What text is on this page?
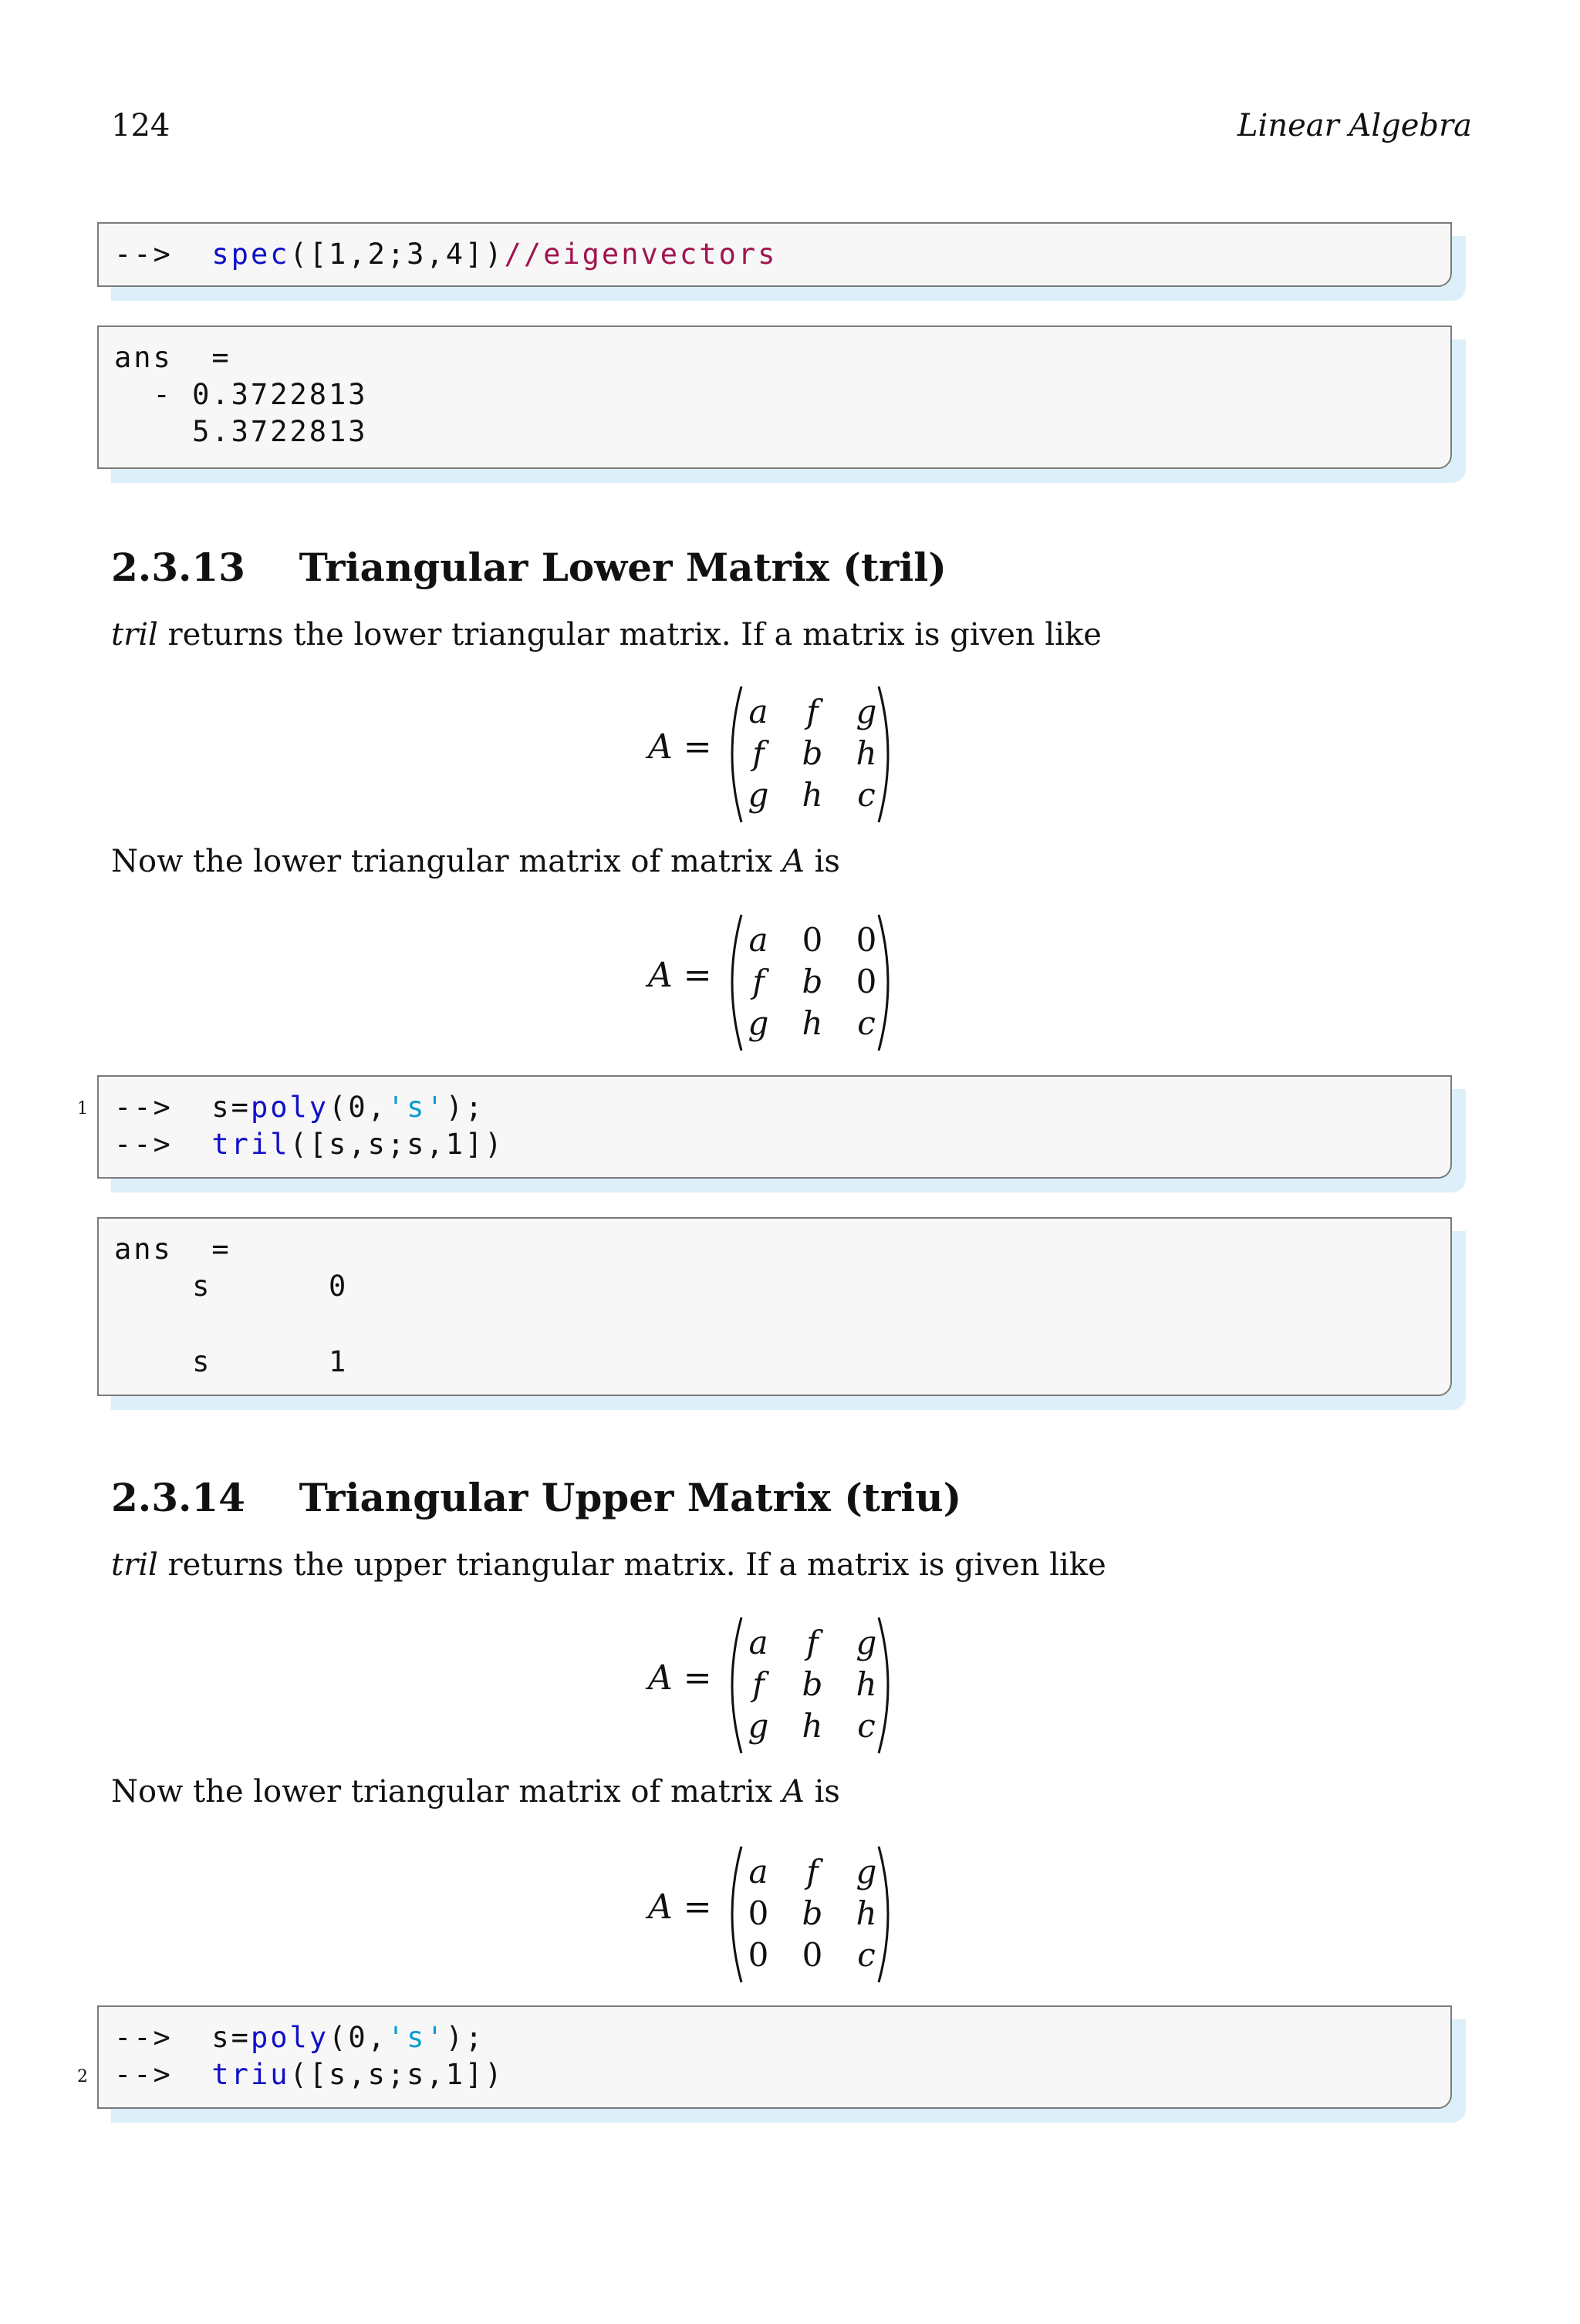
124	Linear Algebra
--> spec([1,2;3,4])//eigenvectors
ans  =
- 0.3722813
5.3722813
2.3.13    Triangular Lower Matrix (tril)
tril returns the lower triangular matrix. If a matrix is given like
A =
a	f	g
f	b h
g h	c
Now the lower triangular matrix of matrix A is
A =
a 0 0
f	b 0
g h	c
1 -->  s=poly(0,'s');
-->  tril([s,s;s,1])
ans  =
s      0
s      1
2.3.14    Triangular Upper Matrix (triu)
tril returns the upper triangular matrix. If a matrix is given like
A =
a	f	g
f	b h
g h	c
Now the lower triangular matrix of matrix A is
A =
a	f	g
0 b h
0 0	c
2
-->  s=poly(0,'s');
-->  triu([s,s;s,1])
